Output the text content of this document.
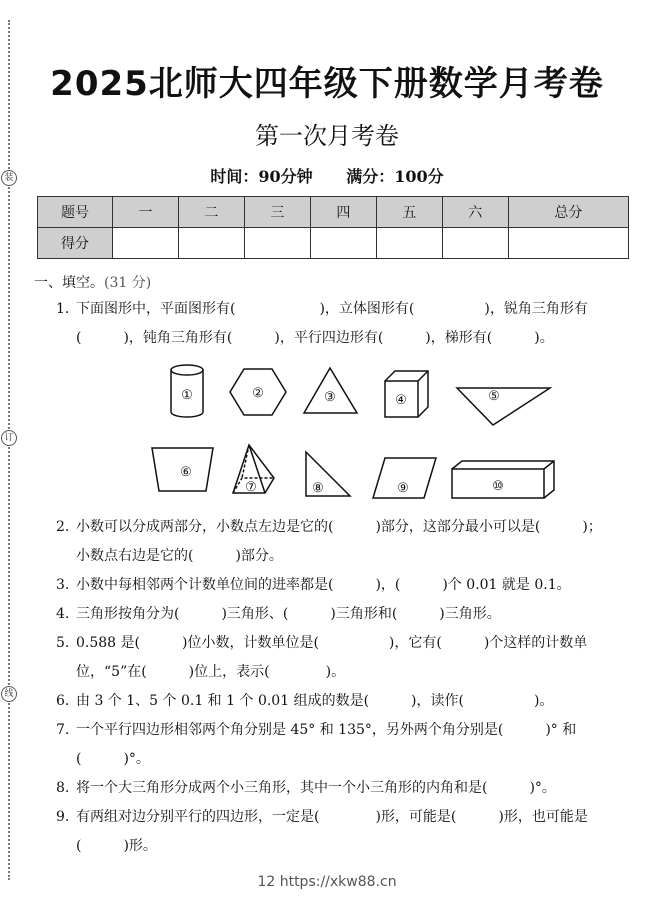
装
订
线
2025北师大四年级下册数学月考卷
第一次月考卷
时间：90分钟 满分：100分
题号	一	二	三	四	五	六	总分
得分							
一、填空。(31 分)
1. 下面图形中，平面图形有(　　　　　　)，立体图形有(　　　　　)，锐角三角形有
(　　　)，钝角三角形有(　　　)，平行四边形有(　　　)，梯形有(　　　)。
①	②	③	④	⑤
⑥
⑦	⑧	⑨	⑩
2. 小数可以分成两部分，小数点左边是它的(　　　)部分，这部分最小可以是(　　　)；
小数点右边是它的(　　　)部分。
3. 小数中每相邻两个计数单位间的进率都是(　　　)，(　　　)个 0.01 就是 0.1。
4. 三角形按角分为(　　　)三角形、(　　　)三角形和(　　　)三角形。
5. 0.588 是(　　　)位小数，计数单位是(　　　　　)，它有(　　　)个这样的计数单
位，“5”在(　　　)位上，表示(　　　　)。
6. 由 3 个 1、5 个 0.1 和 1 个 0.01 组成的数是(　　　)，读作(　　　　　)。
7. 一个平行四边形相邻两个角分别是 45° 和 135°，另外两个角分别是(　　　)° 和
(　　　)°。
8. 将一个大三角形分成两个小三角形，其中一个小三角形的内角和是(　　　)°。
9. 有两组对边分别平行的四边形，一定是(　　　　)形，可能是(　　　)形，也可能是
(　　　)形。
12 https://xkw88.cn
